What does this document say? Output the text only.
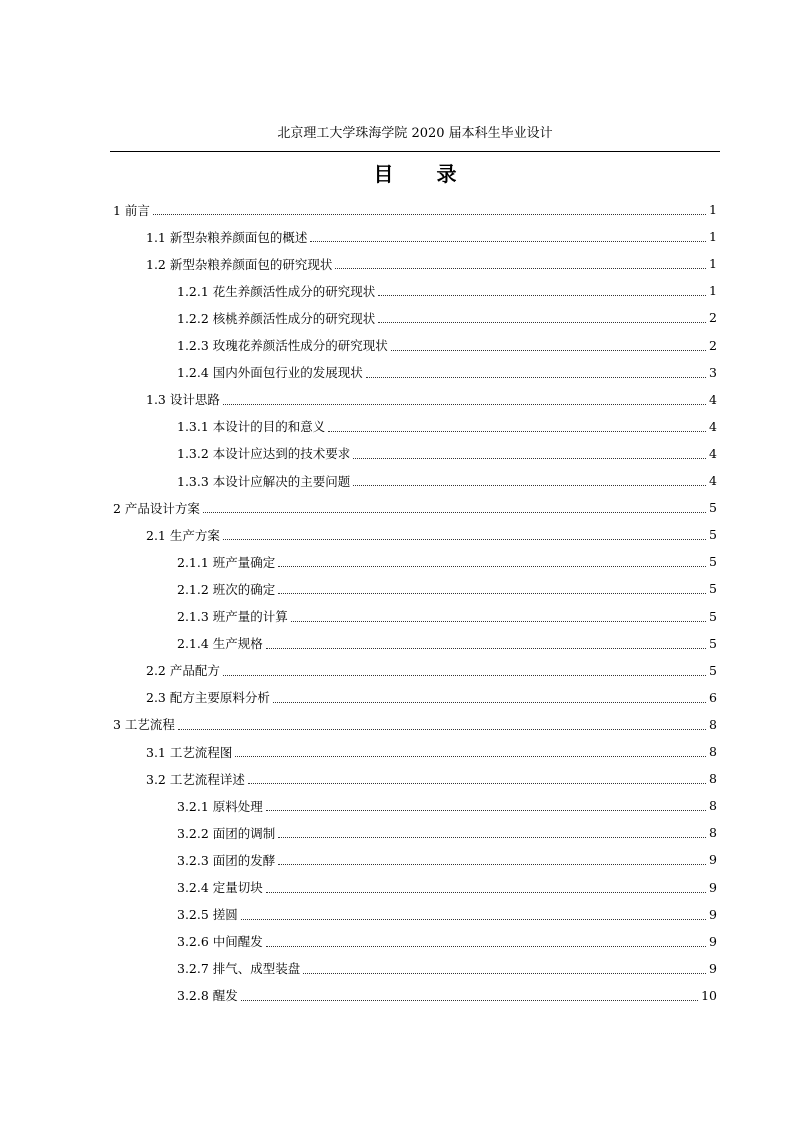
北京理工大学珠海学院 2020 届本科生毕业设计
目 录
1 前言	1
1.1 新型杂粮养颜面包的概述	1
1.2 新型杂粮养颜面包的研究现状	1
1.2.1 花生养颜活性成分的研究现状	1
1.2.2 核桃养颜活性成分的研究现状	2
1.2.3 玫瑰花养颜活性成分的研究现状	2
1.2.4 国内外面包行业的发展现状	3
1.3 设计思路	4
1.3.1 本设计的目的和意义	4
1.3.2 本设计应达到的技术要求	4
1.3.3 本设计应解决的主要问题	4
2 产品设计方案	5
2.1 生产方案	5
2.1.1 班产量确定	5
2.1.2 班次的确定	5
2.1.3 班产量的计算	5
2.1.4 生产规格	5
2.2 产品配方	5
2.3 配方主要原料分析	6
3 工艺流程	8
3.1 工艺流程图	8
3.2 工艺流程详述	8
3.2.1 原料处理	8
3.2.2 面团的调制	8
3.2.3 面团的发酵	9
3.2.4 定量切块	9
3.2.5 搓圆	9
3.2.6 中间醒发	9
3.2.7 排气、成型装盘	9
3.2.8 醒发	10
